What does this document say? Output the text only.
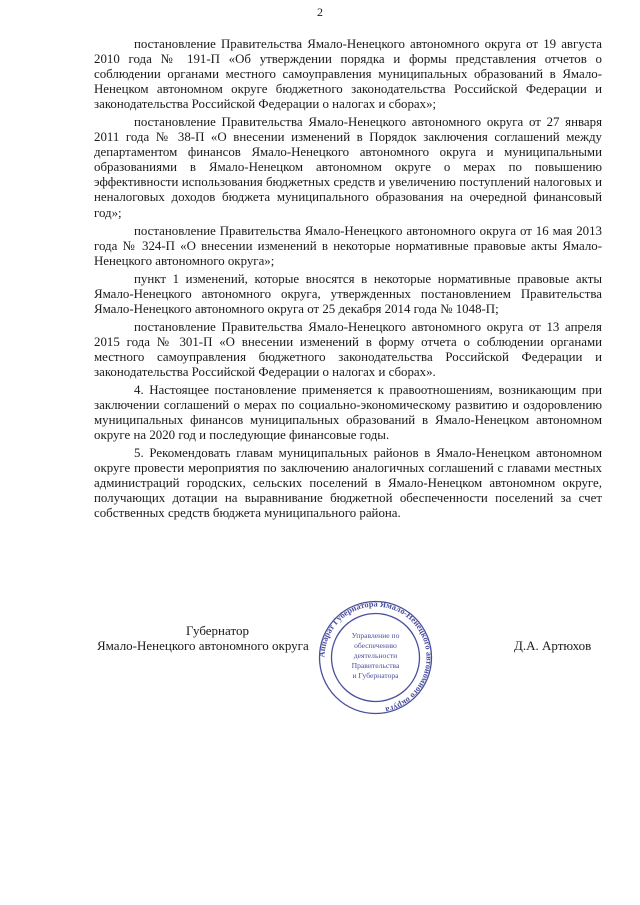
2

постановление Правительства Ямало-Ненецкого автономного округа от 19 августа 2010 года № 191-П «Об утверждении порядка и формы представления отчетов о соблюдении органами местного самоуправления муниципальных образований в Ямало-Ненецком автономном округе бюджетного законодательства Российской Федерации и законодательства Российской Федерации о налогах и сборах»;

постановление Правительства Ямало-Ненецкого автономного округа от 27 января 2011 года № 38-П «О внесении изменений в Порядок заключения соглашений между департаментом финансов Ямало-Ненецкого автономного округа и муниципальными образованиями в Ямало-Ненецком автономном округе о мерах по повышению эффективности использования бюджетных средств и увеличению поступлений налоговых и неналоговых доходов бюджета муниципального образования на очередной финансовый год»;

постановление Правительства Ямало-Ненецкого автономного округа от 16 мая 2013 года № 324-П «О внесении изменений в некоторые нормативные правовые акты Ямало-Ненецкого автономного округа»;

пункт 1 изменений, которые вносятся в некоторые нормативные правовые акты Ямало-Ненецкого автономного округа, утвержденных постановлением Правительства Ямало-Ненецкого автономного округа от 25 декабря 2014 года № 1048-П;

постановление Правительства Ямало-Ненецкого автономного округа от 13 апреля 2015 года № 301-П «О внесении изменений в форму отчета о соблюдении органами местного самоуправления бюджетного законодательства Российской Федерации и законодательства Российской Федерации о налогах и сборах».

4. Настоящее постановление применяется к правоотношениям, возникающим при заключении соглашений о мерах по социально-экономическому развитию и оздоровлению муниципальных финансов муниципальных образований в Ямало-Ненецком автономном округе на 2020 год и последующие финансовые годы.

5. Рекомендовать главам муниципальных районов в Ямало-Ненецком автономном округе провести мероприятия по заключению аналогичных соглашений с главами местных администраций городских, сельских поселений в Ямало-Ненецком автономном округе, получающих дотации на выравнивание бюджетной обеспеченности поселений за счет собственных средств бюджета муниципального района.

Губернатор
Ямало-Ненецкого автономного округа
Аппарат Губернатора Ямало-Ненецкого автономного округа
Управление по
обеспечению
деятельности
Правительства
и Губернатора
Д.А. Артюхов
